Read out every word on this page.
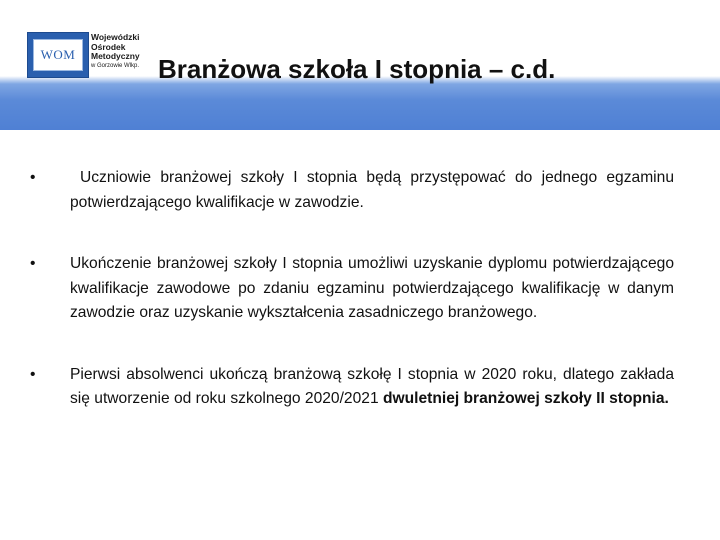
WOM
Wojewódzki
Ośrodek
Metodyczny
w Gorzowie Wlkp. Branżowa szkoła I stopnia – c.d.
•	Uczniowie branżowej szkoły I stopnia będą przystępować do jednego egzaminu potwierdzającego kwalifikacje w zawodzie.
•	Ukończenie branżowej szkoły I stopnia umożliwi uzyskanie dyplomu potwierdzającego kwalifikacje zawodowe po zdaniu egzaminu potwierdzającego kwalifikację w danym zawodzie oraz uzyskanie wykształcenia zasadniczego branżowego.
•	Pierwsi absolwenci ukończą branżową szkołę I stopnia w 2020 roku, dlatego zakłada się utworzenie od roku szkolnego 2020/2021 dwuletniej branżowej szkoły II stopnia.
